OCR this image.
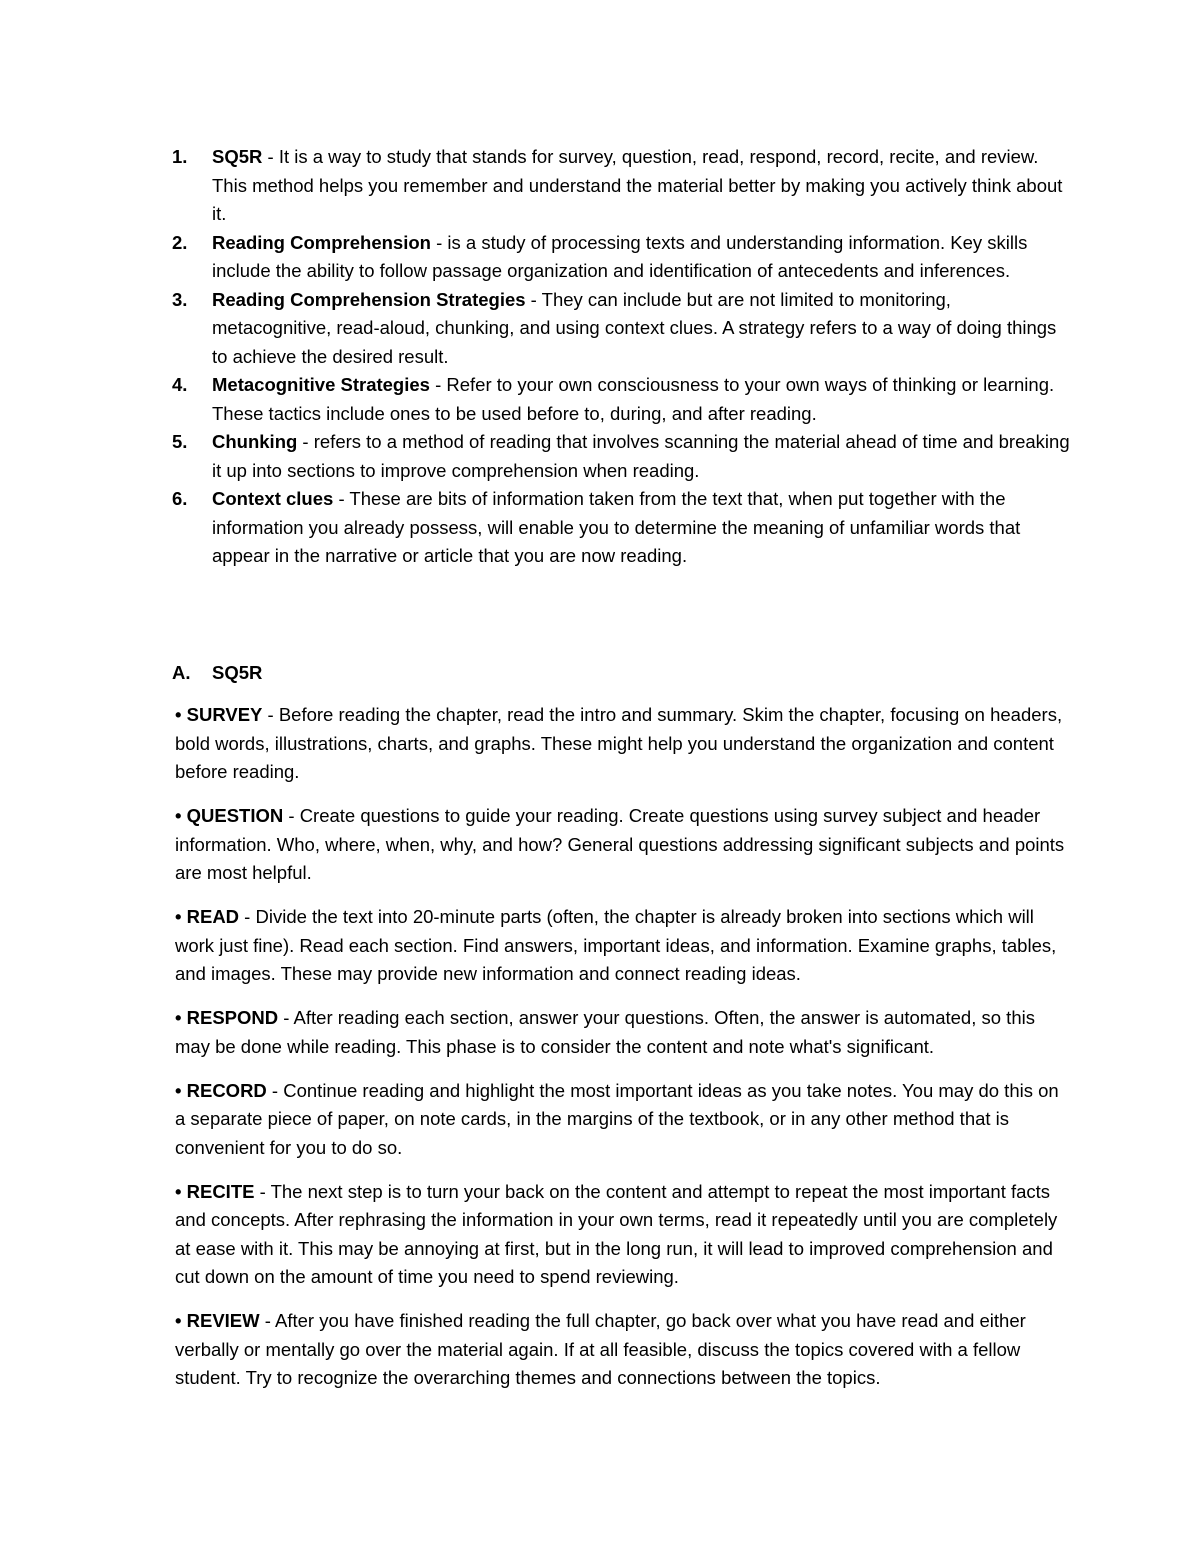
1. SQ5R - It is a way to study that stands for survey, question, read, respond, record, recite, and review. This method helps you remember and understand the material better by making you actively think about it.
2. Reading Comprehension - is a study of processing texts and understanding information. Key skills include the ability to follow passage organization and identification of antecedents and inferences.
3. Reading Comprehension Strategies - They can include but are not limited to monitoring, metacognitive, read-aloud, chunking, and using context clues. A strategy refers to a way of doing things to achieve the desired result.
4. Metacognitive Strategies - Refer to your own consciousness to your own ways of thinking or learning. These tactics include ones to be used before to, during, and after reading.
5. Chunking - refers to a method of reading that involves scanning the material ahead of time and breaking it up into sections to improve comprehension when reading.
6. Context clues - These are bits of information taken from the text that, when put together with the information you already possess, will enable you to determine the meaning of unfamiliar words that appear in the narrative or article that you are now reading.
A. SQ5R

• SURVEY - Before reading the chapter, read the intro and summary. Skim the chapter, focusing on headers, bold words, illustrations, charts, and graphs. These might help you understand the organization and content before reading.

• QUESTION - Create questions to guide your reading. Create questions using survey subject and header information. Who, where, when, why, and how? General questions addressing significant subjects and points are most helpful.

• READ - Divide the text into 20-minute parts (often, the chapter is already broken into sections which will work just fine). Read each section. Find answers, important ideas, and information. Examine graphs, tables, and images. These may provide new information and connect reading ideas.

• RESPOND - After reading each section, answer your questions. Often, the answer is automated, so this may be done while reading. This phase is to consider the content and note what's significant.

• RECORD - Continue reading and highlight the most important ideas as you take notes. You may do this on a separate piece of paper, on note cards, in the margins of the textbook, or in any other method that is convenient for you to do so.

• RECITE - The next step is to turn your back on the content and attempt to repeat the most important facts and concepts. After rephrasing the information in your own terms, read it repeatedly until you are completely at ease with it. This may be annoying at first, but in the long run, it will lead to improved comprehension and cut down on the amount of time you need to spend reviewing.

• REVIEW - After you have finished reading the full chapter, go back over what you have read and either verbally or mentally go over the material again. If at all feasible, discuss the topics covered with a fellow student. Try to recognize the overarching themes and connections between the topics.
